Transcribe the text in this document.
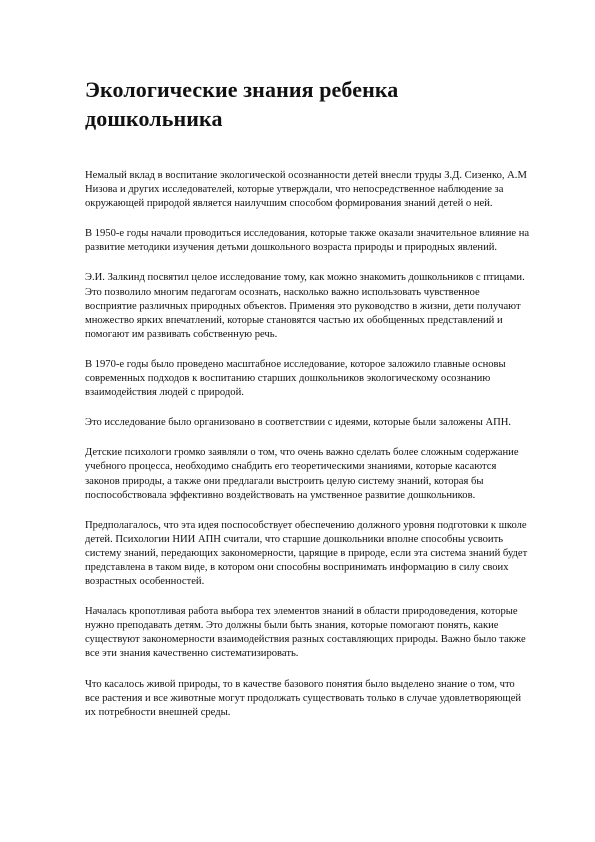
Экологические знания ребенка дошкольника

Немалый вклад в воспитание экологической осознанности детей внесли труды З.Д. Сизенко, А.М Низова и других исследователей, которые утверждали, что непосредственное наблюдение за окружающей природой является наилучшим способом формирования знаний детей о ней.

В 1950-е годы начали проводиться исследования, которые также оказали значительное влияние на развитие методики изучения детьми дошкольного возраста природы и природных явлений.

Э.И. Залкинд посвятил целое исследование тому, как можно знакомить дошкольников с птицами. Это позволило многим педагогам осознать, насколько важно использовать чувственное восприятие различных природных объектов. Применяя это руководство в жизни, дети получают множество ярких впечатлений, которые становятся частью их обобщенных представлений и помогают им развивать собственную речь.

В 1970-е годы было проведено масштабное исследование, которое заложило главные основы современных подходов к воспитанию старших дошкольников экологическому осознанию взаимодействия людей с природой.

Это исследование было организовано в соответствии с идеями, которые были заложены АПН.

Детские психологи громко заявляли о том, что очень важно сделать более сложным содержание учебного процесса, необходимо снабдить его теоретическими знаниями, которые касаются законов природы, а также они предлагали выстроить целую систему знаний, которая бы поспособствовала эффективно воздействовать на умственное развитие дошкольников.

Предполагалось, что эта идея поспособствует обеспечению должного уровня подготовки к школе детей. Психологии НИИ АПН считали, что старшие дошкольники вполне способны усвоить систему знаний, передающих закономерности, царящие в природе, если эта система знаний будет представлена в таком виде, в котором они способны воспринимать информацию в силу своих возрастных особенностей.

Началась кропотливая работа выбора тех элементов знаний в области природоведения, которые нужно преподавать детям. Это должны были быть знания, которые помогают понять, какие существуют закономерности взаимодействия разных составляющих природы. Важно было также все эти знания качественно систематизировать.

Что касалось живой природы, то в качестве базового понятия было выделено знание о том, что все растения и все животные могут продолжать существовать только в случае удовлетворяющей их потребности внешней среды.
